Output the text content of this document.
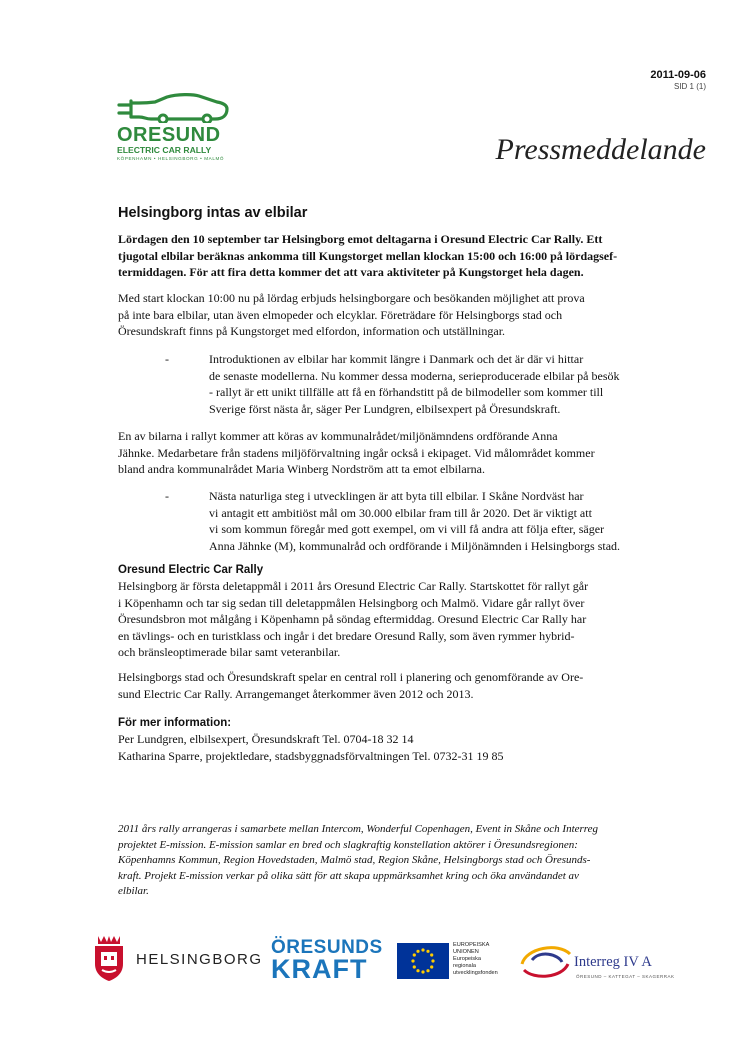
2011-09-06
SID 1 (1)
ORESUND
ELECTRIC CAR RALLY
KÖPENHAMN • HELSINGBORG • MALMÖ	Pressmeddelande
Helsingborg intas av elbilar
Lördagen den 10 september tar Helsingborg emot deltagarna i Oresund Electric Car Rally. Ett
tjugotal elbilar beräknas ankomma till Kungstorget mellan klockan 15:00 och 16:00 på lördagsef-
termiddagen. För att fira detta kommer det att vara aktiviteter på Kungstorget hela dagen.
Med start klockan 10:00 nu på lördag erbjuds helsingborgare och besökanden möjlighet att prova
på inte bara elbilar, utan även elmopeder och elcyklar. Företrädare för Helsingborgs stad och
Öresundskraft finns på Kungstorget med elfordon, information och utställningar.
-	Introduktionen av elbilar har kommit längre i Danmark och det är där vi hittar
de senaste modellerna. Nu kommer dessa moderna, serieproducerade elbilar på besök
- rallyt är ett unikt tillfälle att få en förhandstitt på de bilmodeller som kommer till
Sverige först nästa år, säger Per Lundgren, elbilsexpert på Öresundskraft.
En av bilarna i rallyt kommer att köras av kommunalrådet/miljönämndens ordförande Anna
Jähnke. Medarbetare från stadens miljöförvaltning ingår också i ekipaget. Vid målområdet kommer
bland andra kommunalrådet Maria Winberg Nordström att ta emot elbilarna.
-	Nästa naturliga steg i utvecklingen är att byta till elbilar. I Skåne Nordväst har
vi antagit ett ambitiöst mål om 30.000 elbilar fram till år 2020. Det är viktigt att
vi som kommun föregår med gott exempel, om vi vill få andra att följa efter, säger
Anna Jähnke (M), kommunalråd och ordförande i Miljönämnden i Helsingborgs stad.
Oresund Electric Car Rally
Helsingborg är första deletappmål i 2011 års Oresund Electric Car Rally. Startskottet för rallyt går
i Köpenhamn och tar sig sedan till deletappmålen Helsingborg och Malmö. Vidare går rallyt över
Öresundsbron mot målgång i Köpenhamn på söndag eftermiddag. Oresund Electric Car Rally har
en tävlings- och en turistklass och ingår i det bredare Oresund Rally, som även rymmer hybrid-
och bränsleoptimerade bilar samt veteranbilar.
Helsingborgs stad och Öresundskraft spelar en central roll i planering och genomförande av Ore-
sund Electric Car Rally. Arrangemanget återkommer även 2012 och 2013.
För mer information:
Per Lundgren, elbilsexpert, Öresundskraft Tel. 0704-18 32 14
Katharina Sparre, projektledare, stadsbyggnadsförvaltningen Tel. 0732-31 19 85
2011 års rally arrangeras i samarbete mellan Intercom, Wonderful Copenhagen, Event in Skåne och Interreg
projektet E-mission. E-mission samlar en bred och slagkraftig konstellation aktörer i Öresundsregionen:
Köpenhamns Kommun, Region Hovedstaden, Malmö stad, Region Skåne, Helsingborgs stad och Öresunds-
kraft. Projekt E-mission verkar på olika sätt för att skapa uppmärksamhet kring och öka användandet av
elbilar.
HELSINGBORG
ÖRESUNDS
KRAFT
EUROPEISKA
UNIONEN
Europeiska
regionala
utvecklingsfonden
Interreg IV A
ÖRESUND – KATTEGAT – SKAGERRAK
